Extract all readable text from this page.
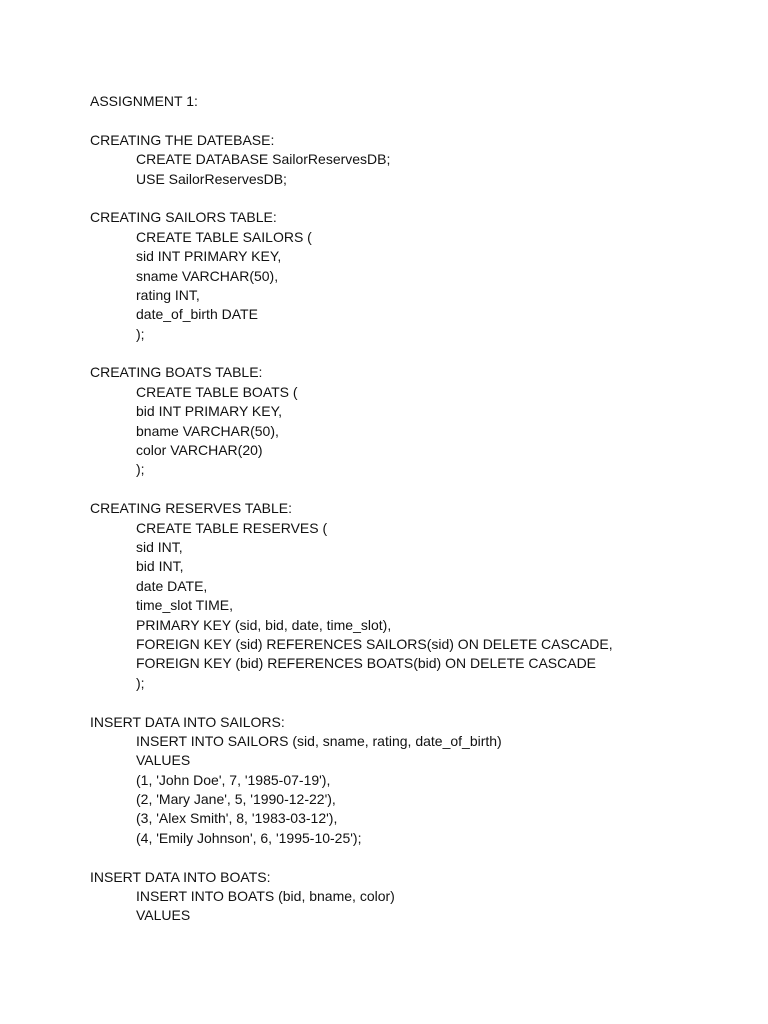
ASSIGNMENT 1:
CREATING THE DATEBASE:
CREATE DATABASE SailorReservesDB;
USE SailorReservesDB;
CREATING SAILORS TABLE:
CREATE TABLE SAILORS (
sid INT PRIMARY KEY,
sname VARCHAR(50),
rating INT,
date_of_birth DATE
);
CREATING BOATS TABLE:
CREATE TABLE BOATS (
bid INT PRIMARY KEY,
bname VARCHAR(50),
color VARCHAR(20)
);
CREATING RESERVES TABLE:
CREATE TABLE RESERVES (
sid INT,
bid INT,
date DATE,
time_slot TIME,
PRIMARY KEY (sid, bid, date, time_slot),
FOREIGN KEY (sid) REFERENCES SAILORS(sid) ON DELETE CASCADE,
FOREIGN KEY (bid) REFERENCES BOATS(bid) ON DELETE CASCADE
);
INSERT DATA INTO SAILORS:
INSERT INTO SAILORS (sid, sname, rating, date_of_birth)
VALUES
(1, 'John Doe', 7, '1985-07-19'),
(2, 'Mary Jane', 5, '1990-12-22'),
(3, 'Alex Smith', 8, '1983-03-12'),
(4, 'Emily Johnson', 6, '1995-10-25');
INSERT DATA INTO BOATS:
INSERT INTO BOATS (bid, bname, color)
VALUES
